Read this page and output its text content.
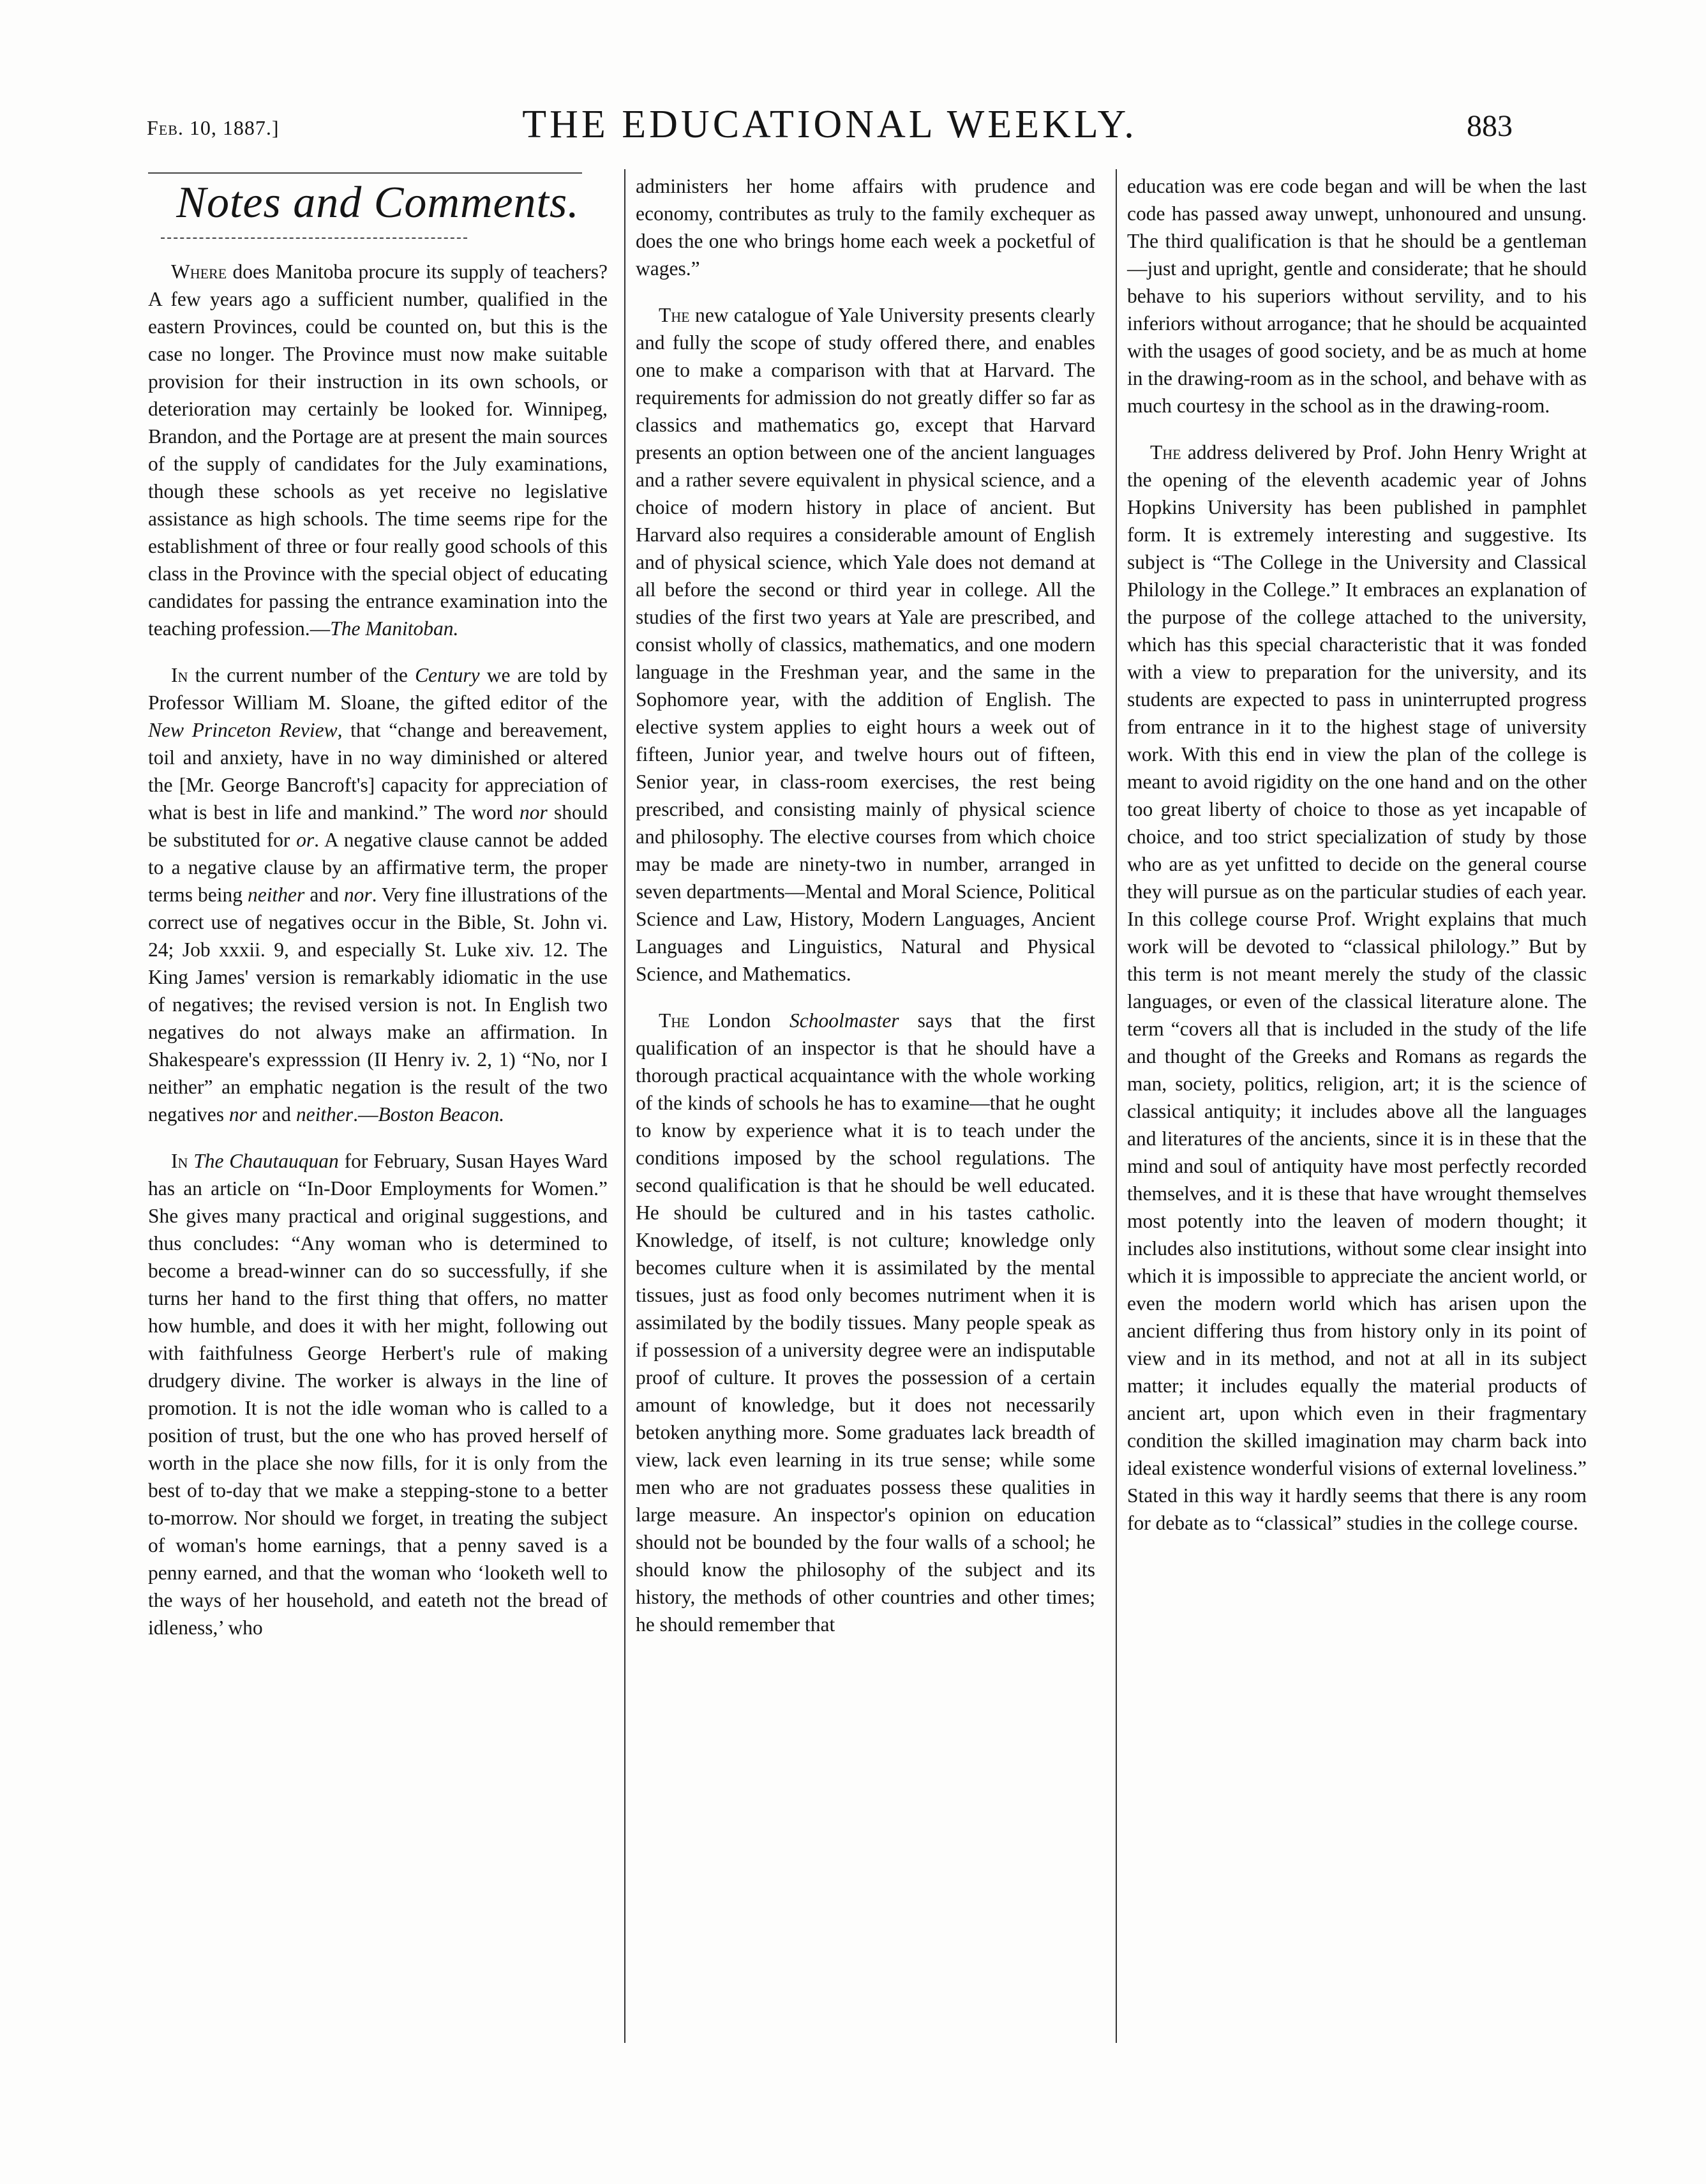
Feb. 10, 1887.]	THE EDUCATIONAL WEEKLY.	883
Notes and Comments.

Where does Manitoba procure its supply of teachers? A few years ago a sufficient number, qualified in the eastern Provinces, could be counted on, but this is the case no longer. The Province must now make suitable provision for their instruction in its own schools, or deterioration may certainly be looked for. Winnipeg, Brandon, and the Portage are at present the main sources of the supply of candidates for the July examinations, though these schools as yet receive no legislative assistance as high schools. The time seems ripe for the establishment of three or four really good schools of this class in the Province with the special object of educating candidates for passing the entrance examination into the teaching profession.—The Manitoban.

In the current number of the Century we are told by Professor William M. Sloane, the gifted editor of the New Princeton Review, that “change and bereavement, toil and anxiety, have in no way diminished or altered the [Mr. George Bancroft's] capacity for appreciation of what is best in life and mankind.” The word nor should be substituted for or. A negative clause cannot be added to a negative clause by an affirmative term, the proper terms being neither and nor. Very fine illustrations of the correct use of negatives occur in the Bible, St. John vi. 24; Job xxxii. 9, and especially St. Luke xiv. 12. The King James' version is remarkably idiomatic in the use of negatives; the revised version is not. In English two negatives do not always make an affirmation. In Shakespeare's expresssion (II Henry iv. 2, 1) “No, nor I neither” an emphatic negation is the result of the two negatives nor and neither.—Boston Beacon.

In The Chautauquan for February, Susan Hayes Ward has an article on “In-Door Employments for Women.” She gives many practical and original suggestions, and thus concludes: “Any woman who is determined to become a bread-winner can do so successfully, if she turns her hand to the first thing that offers, no matter how humble, and does it with her might, following out with faithfulness George Herbert's rule of making drudgery divine. The worker is always in the line of promotion. It is not the idle woman who is called to a position of trust, but the one who has proved herself of worth in the place she now fills, for it is only from the best of to-day that we make a stepping-stone to a better to-morrow. Nor should we forget, in treating the subject of woman's home earnings, that a penny saved is a penny earned, and that the woman who ‘looketh well to the ways of her household, and eateth not the bread of idleness,’ who

administers her home affairs with prudence and economy, contributes as truly to the family exchequer as does the one who brings home each week a pocketful of wages.”

The new catalogue of Yale University presents clearly and fully the scope of study offered there, and enables one to make a comparison with that at Harvard. The requirements for admission do not greatly differ so far as classics and mathematics go, except that Harvard presents an option between one of the ancient languages and a rather severe equivalent in physical science, and a choice of modern history in place of ancient. But Harvard also requires a considerable amount of English and of physical science, which Yale does not demand at all before the second or third year in college. All the studies of the first two years at Yale are prescribed, and consist wholly of classics, mathematics, and one modern language in the Freshman year, and the same in the Sophomore year, with the addition of English. The elective system applies to eight hours a week out of fifteen, Junior year, and twelve hours out of fifteen, Senior year, in class-room exercises, the rest being prescribed, and consisting mainly of physical science and philosophy. The elective courses from which choice may be made are ninety-two in number, arranged in seven departments—Mental and Moral Science, Political Science and Law, History, Modern Languages, Ancient Languages and Linguistics, Natural and Physical Science, and Mathematics.

The London Schoolmaster says that the first qualification of an inspector is that he should have a thorough practical acquaintance with the whole working of the kinds of schools he has to examine—that he ought to know by experience what it is to teach under the conditions imposed by the school regulations. The second qualification is that he should be well educated. He should be cultured and in his tastes catholic. Knowledge, of itself, is not culture; knowledge only becomes culture when it is assimilated by the mental tissues, just as food only becomes nutriment when it is assimilated by the bodily tissues. Many people speak as if possession of a university degree were an indisputable proof of culture. It proves the possession of a certain amount of knowledge, but it does not necessarily betoken anything more. Some graduates lack breadth of view, lack even learning in its true sense; while some men who are not graduates possess these qualities in large measure. An inspector's opinion on education should not be bounded by the four walls of a school; he should know the philosophy of the subject and its history, the methods of other countries and other times; he should remember that

education was ere code began and will be when the last code has passed away unwept, unhonoured and unsung. The third qualification is that he should be a gentleman—just and upright, gentle and considerate; that he should behave to his superiors without servility, and to his inferiors without arrogance; that he should be acquainted with the usages of good society, and be as much at home in the drawing-room as in the school, and behave with as much courtesy in the school as in the drawing-room.

The address delivered by Prof. John Henry Wright at the opening of the eleventh academic year of Johns Hopkins University has been published in pamphlet form. It is extremely interesting and suggestive. Its subject is “The College in the University and Classical Philology in the College.” It embraces an explanation of the purpose of the college attached to the university, which has this special characteristic that it was fonded with a view to preparation for the university, and its students are expected to pass in uninterrupted progress from entrance in it to the highest stage of university work. With this end in view the plan of the college is meant to avoid rigidity on the one hand and on the other too great liberty of choice to those as yet incapable of choice, and too strict specialization of study by those who are as yet unfitted to decide on the general course they will pursue as on the particular studies of each year. In this college course Prof. Wright explains that much work will be devoted to “classical philology.” But by this term is not meant merely the study of the classic languages, or even of the classical literature alone. The term “covers all that is included in the study of the life and thought of the Greeks and Romans as regards the man, society, politics, religion, art; it is the science of classical antiquity; it includes above all the languages and literatures of the ancients, since it is in these that the mind and soul of antiquity have most perfectly recorded themselves, and it is these that have wrought themselves most potently into the leaven of modern thought; it includes also institutions, without some clear insight into which it is impossible to appreciate the ancient world, or even the modern world which has arisen upon the ancient differing thus from history only in its point of view and in its method, and not at all in its subject matter; it includes equally the material products of ancient art, upon which even in their fragmentary condition the skilled imagination may charm back into ideal existence wonderful visions of external loveliness.” Stated in this way it hardly seems that there is any room for debate as to “classical” studies in the college course.
